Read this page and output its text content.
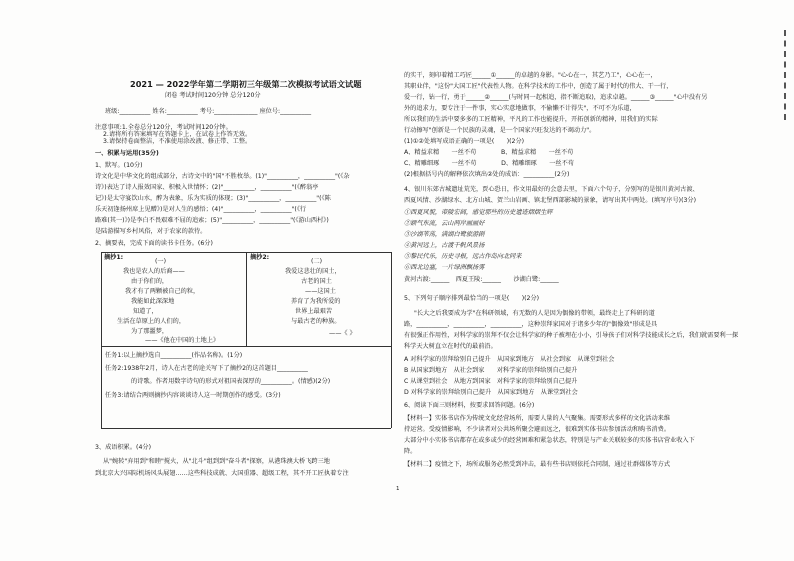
2021 — 2022学年第二学期初三年级第二次模拟考试语文试题
闭卷 考试时间120分钟 总分120分
班级:__________ 姓名:__________ 考号:______________ 座位号:__________
注意事项:1.全卷总分120分，考试时间120分钟。
2.请将所有答案填写在答题卡上，在试卷上作答无效。
3.请保持卷面整洁，不准使用涂改液、修正带、工整。
一、积累与运用(35分)
1、默写。(10分)
诗文化是中华文化的组成部分，古诗文中的"国"不胜枚举。(1)"__________，__________"(《杂
诗》)表达了诗人报效国家、积极入世情怀；(2)"__________，__________"(《醉翁亭
记》)是太守宴饮山水，醉为表象，乐为实质的体现；(3)"__________，__________"(《陈
乐天初逢扬州席上见赠》)是对人生的感悟；(4)"__________，__________"(《行
路难(其一)》)是李白不畏艰难不屈的追索；(5)"__________，__________"(《游山西村》)
是陆游描写乡村风俗，对于农家的款待。
2、摘要表，完成下面的读书卡任务。(6分)
摘抄1:
(一)
我也是农人的后裔——
由于你们的，
我才有了两颗被自己的粒，
我能如此深深地
知道了，
生活在草原上的人们的，
为了那噩梦，
——《他在中国的土地上》
摘抄2:
(二)
我爱这悲壮的国土，
古老的国土
——这国土
养育了为我所爱的
世界上最艰苦
与最古老的种族。
——《 》
任务1:以上摘抄选自__________(作品名称)。(1分)
任务2:1938年2月，诗人在古老的途关写下了摘抄2的这首题目__________
的诗歌。作者用数字诗句的形式对祖国表深厚的__________。(情感)(2分)
任务3:请结合两则摘抄内容谈谈诗人这一时期创作的感受。(3分)
3、成语积累。(4分)
从"婉转"弃用到"和睦"搅火，从"北斗"组到到"奋斗者"探察，从港珠澳大桥飞跨三地
到北京大兴国际机场风头展翅……这些科技成就、大国重器、超级工程，其不开工匠执着专注
的实干，刻印着精工巧匠______①______的卓越的身影。"心心在一，其艺乃工"，心心在一，
其职业伴，"这份"大国工匠"代表性人物。在科学技术的工作中，创造了属于时代的伟大、干一行，
爱一行，钻一行，勇于______②______(与时同一起相追，指不断追取)，追求卓越。______③______"心中没有另
外的追求力，要专注于一件事，实心实意地做事，不偷懒不计得失"，不可不为乐道，
所以我们的生活中要多多的工匠精神，平凡的工作也能提升，开拓创新的精神，用我们的实际
行动擦写"创新是一个民族的灵魂，是一个国家兴旺发达的不竭动力"。
(1)①②处填写成语正确的一项是(　　)(2分)
A、精益求精　　一丝不苟　　　　B、精益求精　　一丝不苟
C、精雕细琢　　一丝不苟　　　　D、精雕细琢　　一丝不苟
(2)根据括号内的解释依次填出②处的成语：__________(2分)
4、银川东郊古城遗址荒芜，贾心恐日，作文用最好的会意去里，下面六个句子，分别写的是银川黄河古渡、
西夏风情、沙湖绿水、北方山城、贺兰山岩画、镇北堡西部影城的景象，请写出其中两处。(填写序号)(3分)
①西夏风貌，帝陵宏阔，感觉那些的历史遗迹熠熠生辉
②额气东流，云山两岸画画好
③沙湖苇荡，满湖白鹭旅游剧
④黄河远上，古渡千帆风景扬
⑤黎民代乐，历史寻根，远古作岛向北同来
⑥西北边塞，一片绿洲飘扬雾
黄河古渡:______　西夏王陵:______　　沙湖白鹭:______
5、下列句子顺序排列最恰当的一项是(　　)(2分)
"长大之后我要成为学"在科研领域，有无数的人是因为偶像的带领，最终走上了科研的道
路，__________，__________，__________，这种崇拜家国对于诸多少年的"偶像效"形成是具
有很强正作用性，对科学家的崇拜不仅会让科学家的种子被埋在小小，引导孩子们对科学技能成长之后，我们就需要利一探
科学天大树直立在时代的最前沿。
A 对科学家的崇拜给别自己提升　从国家到地方　从社会到家　从课堂到社会
B 从国家到地方　从社会到家　　对科学家的崇拜给别自己提升
C 从课堂到社会　从地方到国家　对科学家的崇拜给别自己提升
D 对科学家的崇拜给别自己提升　从国家到地方　从课堂到社会
6、阅读下面三则材料，按要求回答问题。(6分)
【材料一】实体书店作为传统文化经营场所，需要人量的人气聚集。需要形式多样的文化活动来维
持运营。受疫情影响，不少读者对公共场所聚会避而远之，很难到实体书店参加活动和购书消费。
大部分中小实体书店都存在或多或少的经营困难和紧急状态，特别是与产业关联较多的实体书店营业收入下
降。
【材料二】疫情之下，场所或服务必然受到冲击，最有些书店则依托合同制，通过社群媒体等方式
1
